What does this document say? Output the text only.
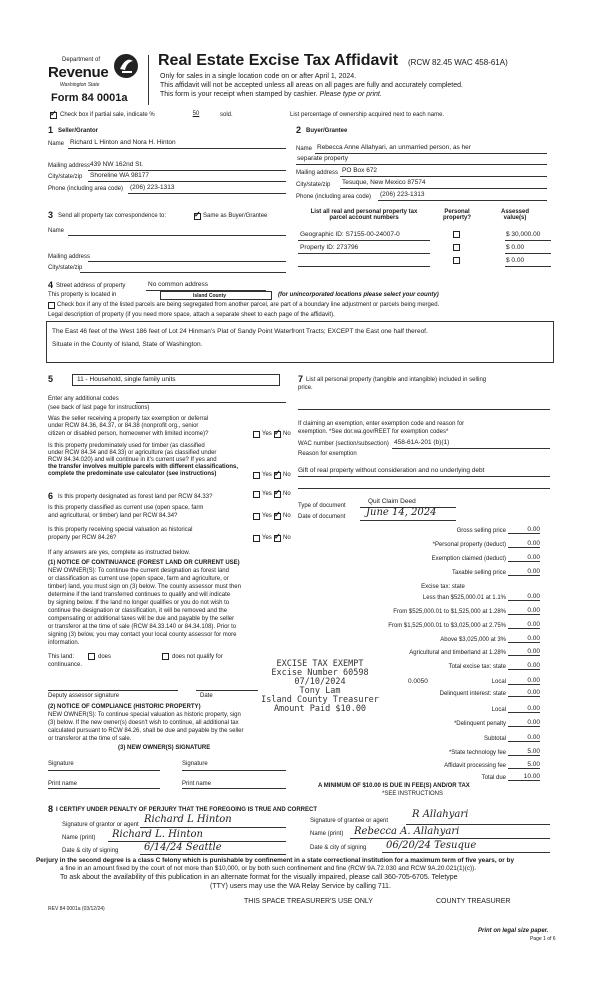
Department of
Revenue
Washington State
Form 84 0001a
Real Estate Excise Tax Affidavit (RCW 82.45 WAC 458-61A)
Only for sales in a single location code on or after April 1, 2024.
This affidavit will not be accepted unless all areas on all pages are fully and accurately completed.
This form is your receipt when stamped by cashier. Please type or print.
✓
Check box if partial sale, indicate %	50	sold.	List percentage of ownership acquired next to each name.
1 Seller/Grantor
Name Richard L Hinton and Nora H. Hinton
Mailing address 439 NW 162nd St.
City/state/zip Shoreline WA 98177
Phone (including area code) (206) 223-1313
2 Buyer/Grantee
Name Rebecca Anne Allahyari, an unmarried person, as her
separate property
Mailing address PO Box 672
City/state/zip Tesuque, New Mexico 87574
Phone (including area code) (206) 223-1313
3 Send all property tax correspondence to: ✓	Same as Buyer/Grantee
Name
Mailing address
City/state/zip
List all real and personal property tax
parcel account numbers
Personal
property?
Assessed
value(s)
Geographic ID: S7155-00-24007-0	$ 30,000.00
Property ID: 273796	$ 0.00
$ 0.00
4 Street address of property	No common address
This property is located in	Island County	(for unincorporated locations please select your county)
Check box if any of the listed parcels are being segregated from another parcel, are part of a boundary line adjustment or parcels being merged.
Legal description of property (if you need more space, attach a separate sheet to each page of the affidavit).
The East 46 feet of the West 186 feet of Lot 24 Hinman's Plat of Sandy Point Waterfront Tracts; EXCEPT the East one half thereof.
Situate in the County of Island, State of Washington.
5	11 - Household, single family units
Enter any additional codes
(see back of last page for instructions)
Was the seller receiving a property tax exemption or deferral
under RCW 84.36, 84.37, or 84.38 (nonprofit org., senior
citizen or disabled person, homeowner with limited income)?	Yes ✓ No
Is this property predominately used for timber (as classified
under RCW 84.34 and 84.33) or agriculture (as classified under
RCW 84.34.020) and will continue in it's current use? If yes and
the transfer involves multiple parcels with different classifications,
complete the predominate use calculator (see instructions)	Yes ✓ No
6 Is this property designated as forest land per RCW 84.33?	Yes ✓ No
Is this property classified as current use (open space, farm
and agricultural, or timber) land per RCW 84.34?	Yes ✓ No
Is this property receiving special valuation as historical
property per RCW 84.26?	Yes ✓ No
If any answers are yes, complete as instructed below.
(1) NOTICE OF CONTINUANCE (FOREST LAND OR CURRENT USE)
NEW OWNER(S): To continue the current designation as forest land
or classification as current use (open space, farm and agriculture, or
timber) land, you must sign on (3) below. The county assessor must then
determine if the land transferred continues to qualify and will indicate
by signing below. If the land no longer qualifies or you do not wish to
continue the designation or classification, it will be removed and the
compensating or additional taxes will be due and payable by the seller
or transferor at the time of sale (RCW 84.33.140 or 84.34.108). Prior to
signing (3) below, you may contact your local county assessor for more
information.
This land:
continuance.
does	does not qualify for
Deputy assessor signature	Date
(2) NOTICE OF COMPLIANCE (HISTORIC PROPERTY)
NEW OWNER(S): To continue special valuation as historic property, sign
(3) below. If the new owner(s) doesn't wish to continue, all additional tax
calculated pursuant to RCW 84.26, shall be due and payable by the seller
or transferor at the time of sale.
(3) NEW OWNER(S) SIGNATURE
Signature	Signature
Print name	Print name
7 List all personal property (tangible and intangible) included in selling
price.
If claiming an exemption, enter exemption code and reason for
exemption. *See dor.wa.gov/REET for exemption codes*
WAC number (section/subsection) 458-61A-201 (b)(1)
Reason for exemption
Gift of real property without consideration and no underlying debt
Type of document
Quit Claim Deed
Date of document June 14, 2024
Gross selling price	0.00
*Personal property (deduct)	0.00
Exemption claimed (deduct)	0.00
Taxable selling price	0.00
Excise tax: state
Less than $525,000.01 at 1.1%	0.00
From $525,000.01 to $1,525,000 at 1.28%	0.00
From $1,525,000.01 to $3,025,000 at 2.75%	0.00
Above $3,025,000 at 3%	0.00
Agricultural and timberland at 1.28%	0.00
Total excise tax: state	0.00
0.0050	Local	0.00
Delinquent interest: state	0.00
Local	0.00
*Delinquent penalty	0.00
Subtotal	0.00
*State technology fee	5.00
Affidavit processing fee	5.00
Total due	10.00
A MINIMUM OF $10.00 IS DUE IN FEE(S) AND/OR TAX
*SEE INSTRUCTIONS
EXCISE TAX EXEMPT
Excise Number 60598
07/10/2024
Tony Lam
Island County Treasurer
Amount Paid $10.00
8 I CERTIFY UNDER PENALTY OF PERJURY THAT THE FOREGOING IS TRUE AND CORRECT
Signature of grantor or agent Richard L Hinton
Name (print) Richard L. Hinton
Date & city of signing	6/14/24 Seattle
Signature of grantee or agent
R Allahyari
Name (print) Rebecca A. Allahyari
Date & city of signing 06/20/24 Tesuque
Perjury in the second degree is a class C felony which is punishable by confinement in a state correctional institution for a maximum term of five years, or by
a fine in an amount fixed by the court of not more than $10,000, or by both such confinement and fine (RCW 9A.72.030 and RCW 9A.20.021(1)(c)).
To ask about the availability of this publication in an alternate format for the visually impaired, please call 360-705-6705. Teletype
(TTY) users may use the WA Relay Service by calling 711.
REV 84 0001a (03/12/24)
THIS SPACE TREASURER'S USE ONLY	COUNTY TREASURER
Print on legal size paper.
Page 1 of 6
